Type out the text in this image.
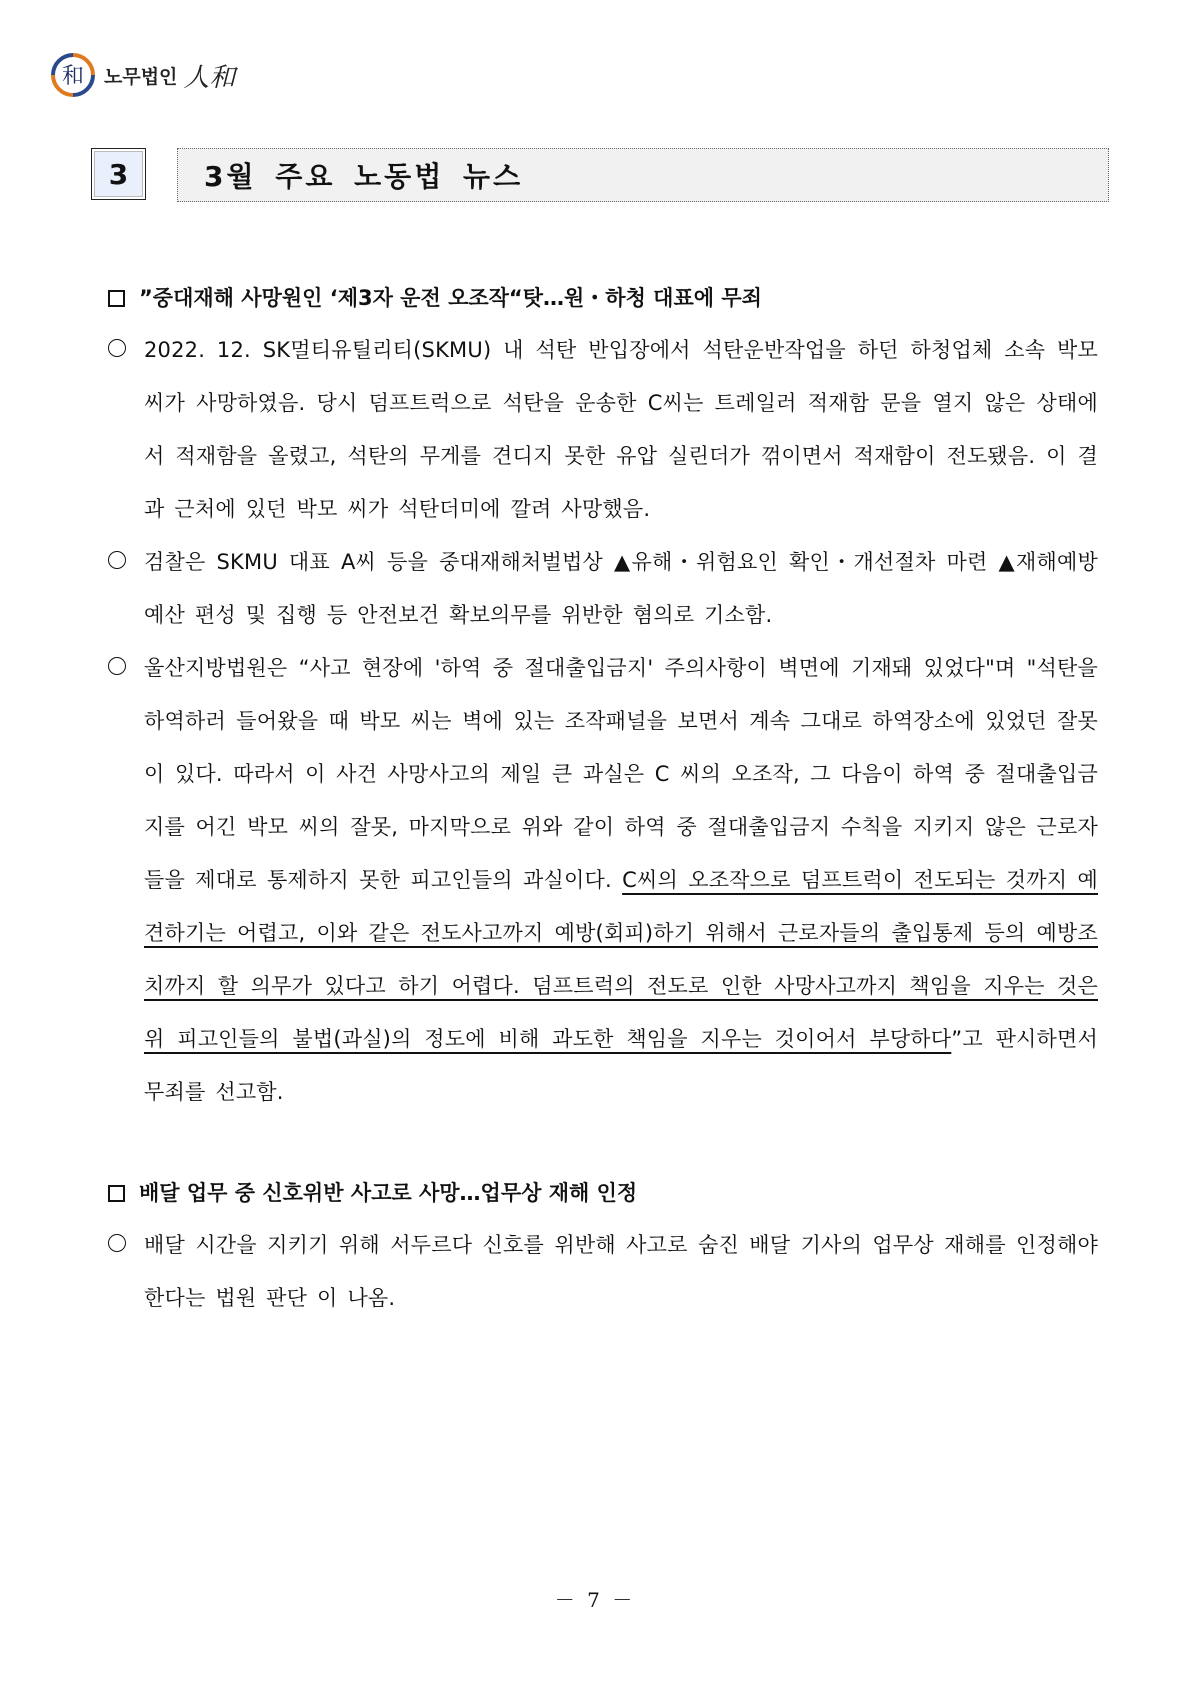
和 노무법인 人和
3	3월 주요 노동법 뉴스
”중대재해 사망원인 ‘제3자 운전 오조작“탓…원・하청 대표에 무죄
2022. 12. SK멀티유틸리티(SKMU) 내 석탄 반입장에서 석탄운반작업을 하던 하청업체 소속 박모 씨가 사망하였음. 당시 덤프트럭으로 석탄을 운송한 C씨는 트레일러 적재함 문을 열지 않은 상태에서 적재함을 올렸고, 석탄의 무게를 견디지 못한 유압 실린더가 꺾이면서 적재함이 전도됐음. 이 결과 근처에 있던 박모 씨가 석탄더미에 깔려 사망했음.
검찰은 SKMU 대표 A씨 등을 중대재해처벌법상 ▲유해・위험요인 확인・개선절차 마련 ▲재해예방 예산 편성 및 집행 등 안전보건 확보의무를 위반한 혐의로 기소함.
울산지방법원은 “사고 현장에 '하역 중 절대출입금지' 주의사항이 벽면에 기재돼 있었다"며 "석탄을 하역하러 들어왔을 때 박모 씨는 벽에 있는 조작패널을 보면서 계속 그대로 하역장소에 있었던 잘못이 있다. 따라서 이 사건 사망사고의 제일 큰 과실은 C 씨의 오조작, 그 다음이 하역 중 절대출입금지를 어긴 박모 씨의 잘못, 마지막으로 위와 같이 하역 중 절대출입금지 수칙을 지키지 않은 근로자들을 제대로 통제하지 못한 피고인들의 과실이다. C씨의 오조작으로 덤프트럭이 전도되는 것까지 예견하기는 어렵고, 이와 같은 전도사고까지 예방(회피)하기 위해서 근로자들의 출입통제 등의 예방조치까지 할 의무가 있다고 하기 어렵다. 덤프트럭의 전도로 인한 사망사고까지 책임을 지우는 것은 위 피고인들의 불법(과실)의 정도에 비해 과도한 책임을 지우는 것이어서 부당하다”고 판시하면서 무죄를 선고함.
배달 업무 중 신호위반 사고로 사망…업무상 재해 인정
배달 시간을 지키기 위해 서두르다 신호를 위반해 사고로 숨진 배달 기사의 업무상 재해를 인정해야 한다는 법원 판단 이 나옴.
－ 7 －
